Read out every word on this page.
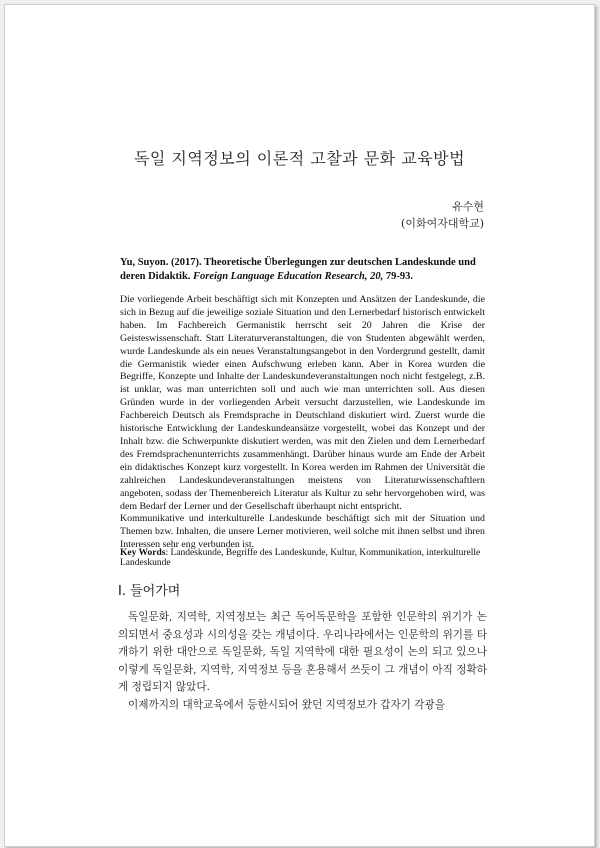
독일 지역정보의 이론적 고찰과 문화 교육방법
유수현
(이화여자대학교)
Yu, Suyon. (2017). Theoretische Überlegungen zur deutschen Landeskunde und deren Didaktik. Foreign Language Education Research, 20, 79-93.

Die vorliegende Arbeit beschäftigt sich mit Konzepten und Ansätzen der Landeskunde, die sich in Bezug auf die jeweilige soziale Situation und den Lernerbedarf historisch entwickelt haben. Im Fachbereich Germanistik herrscht seit 20 Jahren die Krise der Geisteswissenschaft. Statt Literaturveranstaltungen, die von Studenten abgewählt werden, wurde Landeskunde als ein neues Veranstaltungsangebot in den Vordergrund gestellt, damit die Germanistik wieder einen Aufschwung erleben kann. Aber in Korea wurden die Begriffe, Konzepte und Inhalte der Landeskundeveranstaltungen noch nicht festgelegt, z.B. ist unklar, was man unterrichten soll und auch wie man unterrichten soll. Aus diesen Gründen wurde in der vorliegenden Arbeit versucht darzustellen, wie Landeskunde im Fachbereich Deutsch als Fremdsprache in Deutschland diskutiert wird. Zuerst wurde die historische Entwicklung der Landeskundeansätze vorgestellt, wobei das Konzept und der Inhalt bzw. die Schwerpunkte diskutiert werden, was mit den Zielen und dem Lernerbedarf des Fremdsprachenunterrichts zusammenhängt. Darüber hinaus wurde am Ende der Arbeit ein didaktisches Konzept kurz vorgestellt. In Korea werden im Rahmen der Universität die zahlreichen Landeskundeveranstaltungen meistens von Literaturwissenschaftlern angeboten, sodass der Themenbereich Literatur als Kultur zu sehr hervorgehoben wird, was dem Bedarf der Lerner und der Gesellschaft überhaupt nicht entspricht.

Kommunikative und interkulturelle Landeskunde beschäftigt sich mit der Situation und Themen bzw. Inhalten, die unsere Lerner motivieren, weil solche mit ihnen selbst und ihren Interessen sehr eng verbunden ist.

Key Words: Landeskunde, Begriffe des Landeskunde, Kultur, Kommunikation, interkulturelle Landeskunde
Ⅰ. 들어가며

독일문화, 지역학, 지역정보는 최근 독어독문학을 포함한 인문학의 위기가 논의되면서 중요성과 시의성을 갖는 개념이다. 우리나라에서는 인문학의 위기를 타개하기 위한 대안으로 독일문화, 독일 지역학에 대한 필요성이 논의 되고 있으나 이렇게 독일문화, 지역학, 지역정보 등을 혼용해서 쓰듯이 그 개념이 아직 정확하게 정립되지 않았다.

이제까지의 대학교육에서 등한시되어 왔던 지역정보가 갑자기 각광을
